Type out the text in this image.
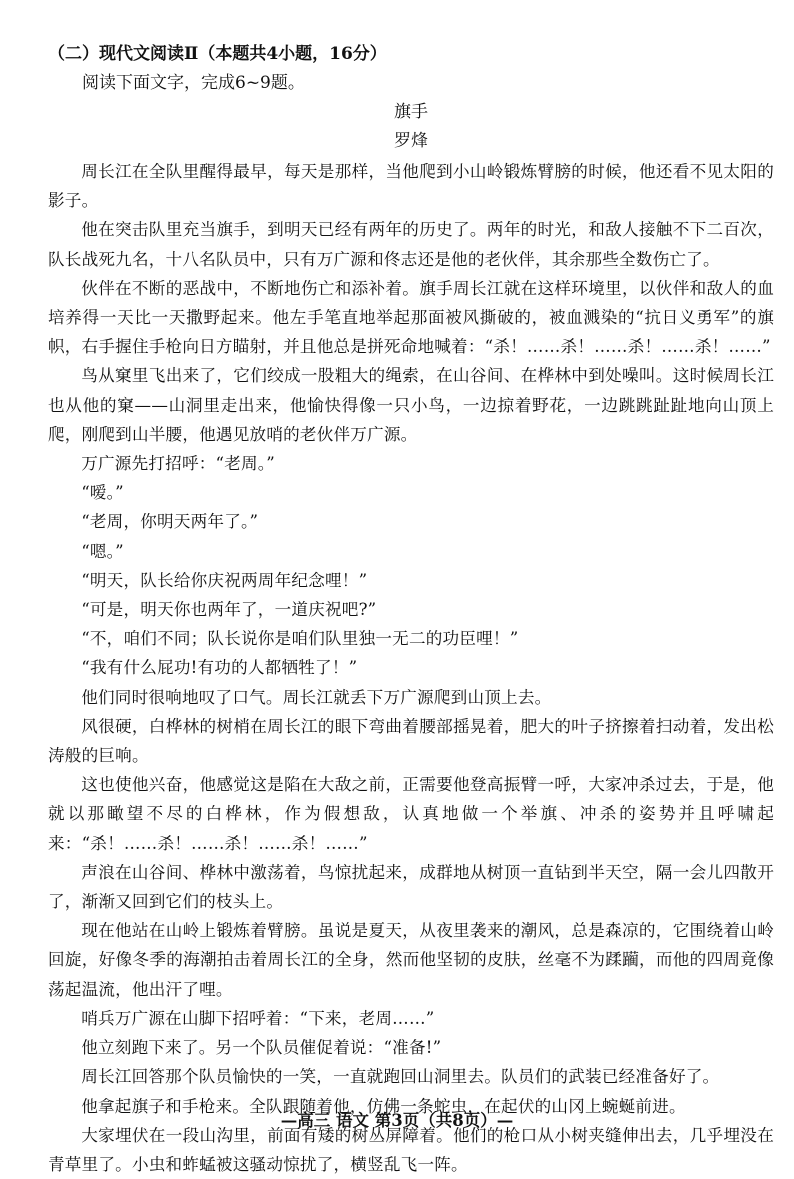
（二）现代文阅读Ⅱ（本题共4小题，16分）

阅读下面文字，完成6~9题。

旗手

罗烽

周长江在全队里醒得最早，每天是那样，当他爬到小山岭锻炼臂膀的时候，他还看不见太阳的影子。

他在突击队里充当旗手，到明天已经有两年的历史了。两年的时光，和敌人接触不下二百次，队长战死九名，十八名队员中，只有万广源和佟志还是他的老伙伴，其余那些全数伤亡了。

伙伴在不断的恶战中，不断地伤亡和添补着。旗手周长江就在这样环境里，以伙伴和敌人的血培养得一天比一天撒野起来。他左手笔直地举起那面被风撕破的，被血溅染的“抗日义勇军”的旗帜，右手握住手枪向日方瞄射，并且他总是拼死命地喊着：“杀！……杀！……杀！……杀！……”

鸟从窠里飞出来了，它们绞成一股粗大的绳索，在山谷间、在桦林中到处噪叫。这时候周长江也从他的窠——山洞里走出来，他愉快得像一只小鸟，一边掠着野花，一边跳跳趾趾地向山顶上爬，刚爬到山半腰，他遇见放哨的老伙伴万广源。

万广源先打招呼：“老周。”

“嗳。”

“老周，你明天两年了。”

“嗯。”

“明天，队长给你庆祝两周年纪念哩！”

“可是，明天你也两年了，一道庆祝吧?”

“不，咱们不同；队长说你是咱们队里独一无二的功臣哩！”

“我有什么屁功!有功的人都牺牲了！”

他们同时很响地叹了口气。周长江就丢下万广源爬到山顶上去。

风很硬，白桦林的树梢在周长江的眼下弯曲着腰部摇晃着，肥大的叶子挤擦着扫动着，发出松涛般的巨响。

这也使他兴奋，他感觉这是陷在大敌之前，正需要他登高振臂一呼，大家冲杀过去，于是，他就以那瞰望不尽的白桦林，作为假想敌，认真地做一个举旗、冲杀的姿势并且呼啸起来：“杀！……杀！……杀！……杀！……”

声浪在山谷间、桦林中激荡着，鸟惊扰起来，成群地从树顶一直钻到半天空，隔一会儿四散开了，渐渐又回到它们的枝头上。

现在他站在山岭上锻炼着臂膀。虽说是夏天，从夜里袭来的潮风，总是森凉的，它围绕着山岭回旋，好像冬季的海潮拍击着周长江的全身，然而他坚韧的皮肤，丝毫不为蹂躏，而他的四周竟像荡起温流，他出汗了哩。

哨兵万广源在山脚下招呼着：“下来，老周……”

他立刻跑下来了。另一个队员催促着说：“准备!”

周长江回答那个队员愉快的一笑，一直就跑回山洞里去。队员们的武装已经准备好了。

他拿起旗子和手枪来。全队跟随着他，仿佛一条蛇虫，在起伏的山冈上蜿蜒前进。

大家埋伏在一段山沟里，前面有矮的树丛屏障着。他们的枪口从小树夹缝伸出去，几乎埋没在青草里了。小虫和蚱蜢被这骚动惊扰了，横竖乱飞一阵。

—高三 语文 第3页（共8页）—
